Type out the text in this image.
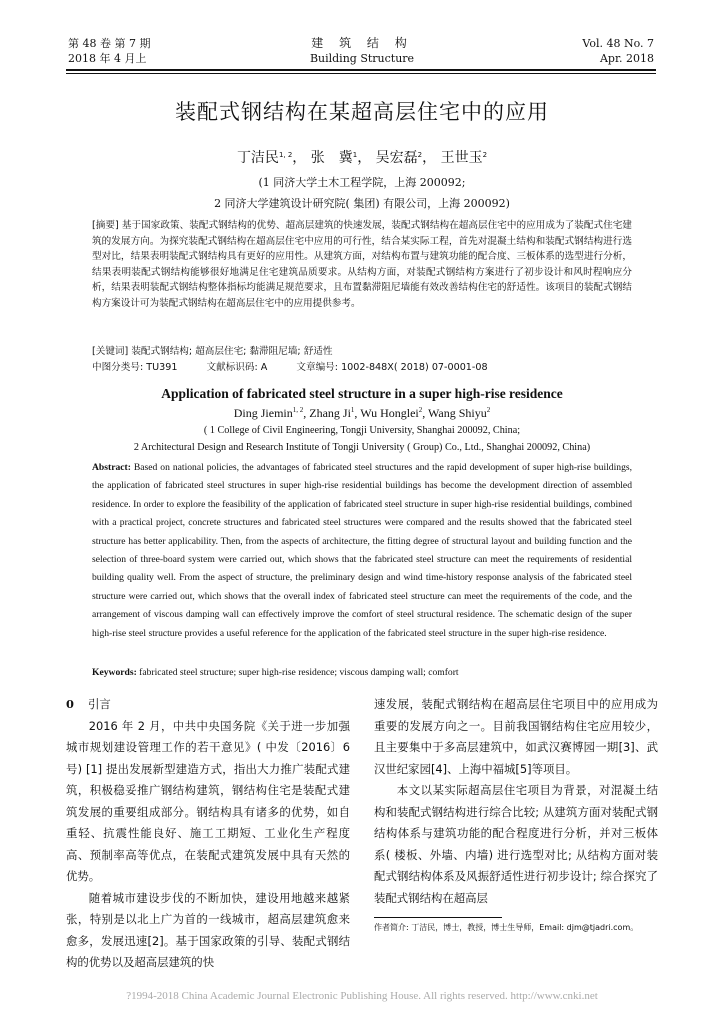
第 48 卷 第 7 期
2018 年 4 月上
建 筑 结 构
Building Structure
Vol. 48 No. 7
Apr. 2018
装配式钢结构在某超高层住宅中的应用
丁洁民$^{1, 2}$， 张　冀$^1$， 吴宏磊$^2$， 王世玉$^2$
(1 同济大学土木工程学院，上海 200092;
2 同济大学建筑设计研究院( 集团) 有限公司，上海 200092)
[摘要] 基于国家政策、装配式钢结构的优势、超高层建筑的快速发展，装配式钢结构在超高层住宅中的应用成为了装配式住宅建筑的发展方向。为探究装配式钢结构在超高层住宅中应用的可行性，结合某实际工程，首先对混凝土结构和装配式钢结构进行选型对比，结果表明装配式钢结构具有更好的应用性。从建筑方面，对结构布置与建筑功能的配合度、三板体系的选型进行分析，结果表明装配式钢结构能够很好地满足住宅建筑品质要求。从结构方面，对装配式钢结构方案进行了初步设计和风时程响应分析，结果表明装配式钢结构整体指标均能满足规范要求，且布置黏滞阻尼墙能有效改善结构住宅的舒适性。该项目的装配式钢结构方案设计可为装配式钢结构在超高层住宅中的应用提供参考。
[关键词] 装配式钢结构; 超高层住宅; 黏滞阻尼墙; 舒适性
中图分类号: TU391	文献标识码: A	文章编号: 1002-848X( 2018) 07-0001-08
Application of fabricated steel structure in a super high-rise residence
Ding Jiemin$^{1, 2}$, Zhang Ji$^1$, Wu Honglei$^2$, Wang Shiyu$^2$
( 1 College of Civil Engineering, Tongji University, Shanghai 200092, China;
2 Architectural Design and Research Institute of Tongji University ( Group) Co., Ltd., Shanghai 200092, China)
Abstract: Based on national policies, the advantages of fabricated steel structures and the rapid development of super high-rise buildings, the application of fabricated steel structures in super high-rise residential buildings has become the development direction of assembled residence. In order to explore the feasibility of the application of fabricated steel structure in super high-rise residential buildings, combined with a practical project, concrete structures and fabricated steel structures were compared and the results showed that the fabricated steel structure has better applicability. Then, from the aspects of architecture, the fitting degree of structural layout and building function and the selection of three-board system were carried out, which shows that the fabricated steel structure can meet the requirements of residential building quality well. From the aspect of structure, the preliminary design and wind time-history response analysis of the fabricated steel structure were carried out, which shows that the overall index of fabricated steel structure can meet the requirements of the code, and the arrangement of viscous damping wall can effectively improve the comfort of steel structural residence. The schematic design of the super high-rise steel structure provides a useful reference for the application of the fabricated steel structure in the super high-rise residence.
Keywords: fabricated steel structure; super high-rise residence; viscous damping wall; comfort
0 引言

2016 年 2 月，中共中央国务院《关于进一步加强城市规划建设管理工作的若干意见》( 中发〔2016〕6 号) [1] 提出发展新型建造方式，指出大力推广装配式建筑，积极稳妥推广钢结构建筑，钢结构住宅是装配式建筑发展的重要组成部分。钢结构具有诸多的优势，如自重轻、抗震性能良好、施工工期短、工业化生产程度高、预制率高等优点，在装配式建筑发展中具有天然的优势。

随着城市建设步伐的不断加快，建设用地越来越紧张，特别是以北上广为首的一线城市，超高层建筑愈来愈多，发展迅速[2]。基于国家政策的引导、装配式钢结构的优势以及超高层建筑的快

速发展，装配式钢结构在超高层住宅项目中的应用成为重要的发展方向之一。目前我国钢结构住宅应用较少，且主要集中于多高层建筑中，如武汉赛博园一期[3]、武汉世纪家园[4]、上海中福城[5]等项目。

本文以某实际超高层住宅项目为背景，对混凝土结构和装配式钢结构进行综合比较; 从建筑方面对装配式钢结构体系与建筑功能的配合程度进行分析，并对三板体系( 楼板、外墙、内墙) 进行选型对比; 从结构方面对装配式钢结构体系及风振舒适性进行初步设计; 综合探究了装配式钢结构在超高层

作者简介: 丁洁民，博士，教授，博士生导师，Email: djm@tjadri.com。
?1994-2018 China Academic Journal Electronic Publishing House. All rights reserved. http://www.cnki.net
